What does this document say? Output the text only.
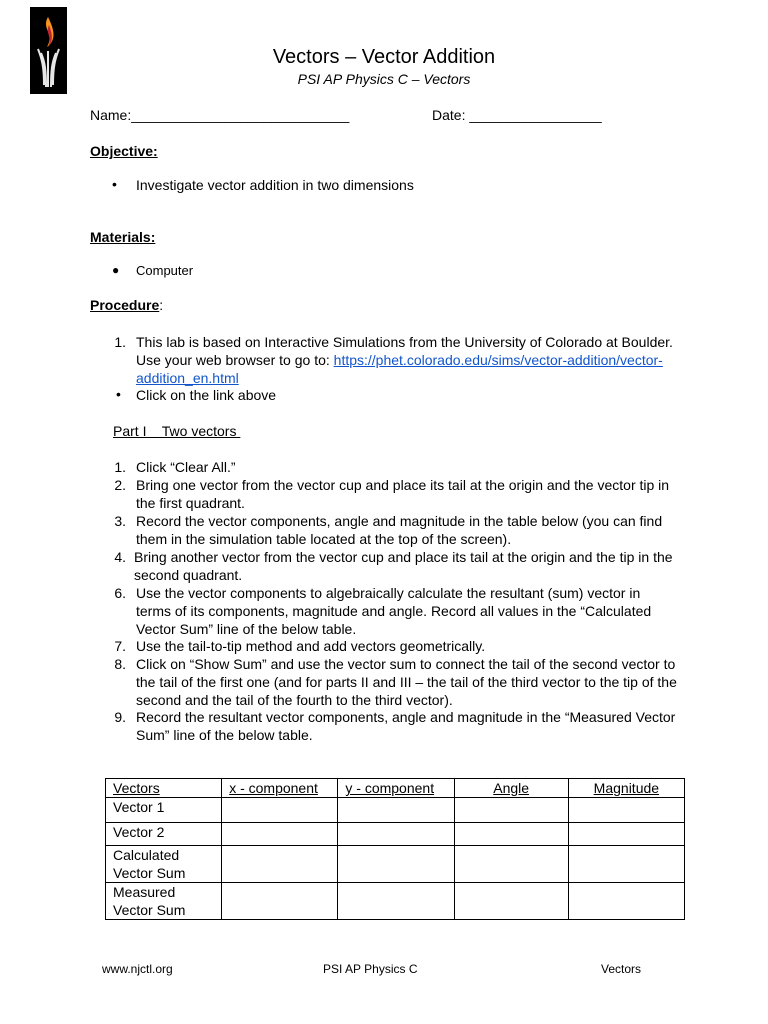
Vectors – Vector Addition
PSI AP Physics C – Vectors
Name:____________________________	Date: _________________
Objective:
• Investigate vector addition in two dimensions
Materials:
● Computer
Procedure:
1. This lab is based on Interactive Simulations from the University of Colorado at Boulder. Use your web browser to go to: https://phet.colorado.edu/sims/vector-addition/vector-addition_en.html
• Click on the link above
Part I    Two vectors
1. Click “Clear All.”
2. Bring one vector from the vector cup and place its tail at the origin and the vector tip in the first quadrant.
3. Record the vector components, angle and magnitude in the table below (you can find them in the simulation table located at the top of the screen).
4. Bring another vector from the vector cup and place its tail at the origin and the tip in the second quadrant.
6. Use the vector components to algebraically calculate the resultant (sum) vector in terms of its components, magnitude and angle. Record all values in the “Calculated Vector Sum” line of the below table.
7. Use the tail-to-tip method and add vectors geometrically.
8. Click on “Show Sum” and use the vector sum to connect the tail of the second vector to the tail of the first one (and for parts II and III – the tail of the third vector to the tip of the second and the tail of the fourth to the third vector).
9. Record the resultant vector components, angle and magnitude in the “Measured Vector Sum” line of the below table.
Vectors	x - component	y - component	Angle	Magnitude
Vector 1				
Vector 2				
Calculated Vector Sum				
Measured Vector Sum				
www.njctl.org	PSI AP Physics C	Vectors
